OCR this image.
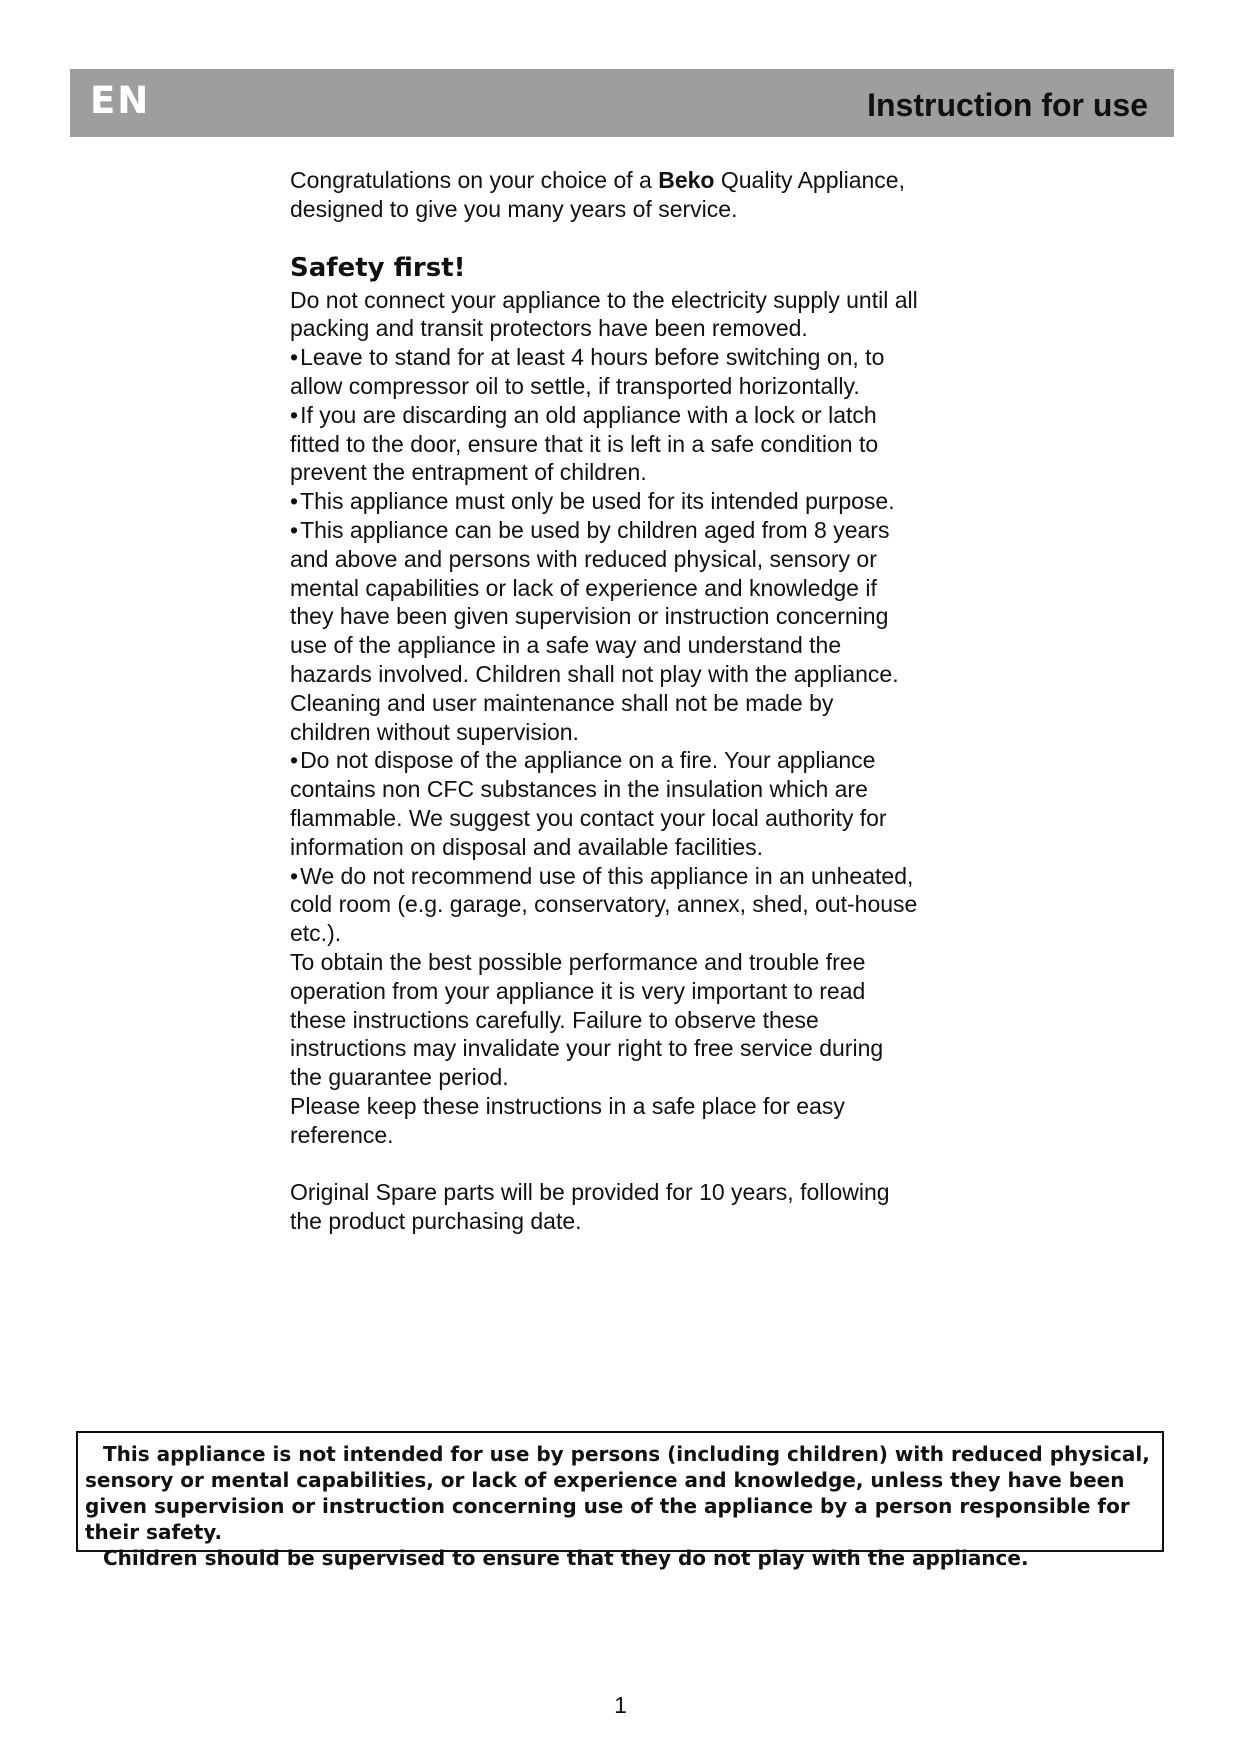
EN	Instruction for use

Congratulations on your choice of a Beko Quality Appliance, designed to give you many years of service.

Safety first!

Do not connect your appliance to the electricity supply until all packing and transit protectors have been removed.

•Leave to stand for at least 4 hours before switching on, to allow compressor oil to settle, if transported horizontally.

•If you are discarding an old appliance with a lock or latch fitted to the door, ensure that it is left in a safe condition to prevent the entrapment of children.

•This appliance must only be used for its intended purpose.

•This appliance can be used by children aged from 8 years and above and persons with reduced physical, sensory or mental capabilities or lack of experience and knowledge if they have been given supervision or instruction concerning use of the appliance in a safe way and understand the hazards involved. Children shall not play with the appliance. Cleaning and user maintenance shall not be made by children without supervision.

•Do not dispose of the appliance on a fire. Your appliance contains non CFC substances in the insulation which are flammable. We suggest you contact your local authority for information on disposal and available facilities.

•We do not recommend use of this appliance in an unheated, cold room (e.g. garage, conservatory, annex, shed, out-house etc.).

To obtain the best possible performance and trouble free operation from your appliance it is very important to read these instructions carefully. Failure to observe these instructions may invalidate your right to free service during the guarantee period.

Please keep these instructions in a safe place for easy reference.

Original Spare parts will be provided for 10 years, following the product purchasing date.

This appliance is not intended for use by persons (including children) with reduced physical, sensory or mental capabilities, or lack of experience and knowledge, unless they have been given supervision or instruction concerning use of the appliance by a person responsible for their safety.
Children should be supervised to ensure that they do not play with the appliance.
1
